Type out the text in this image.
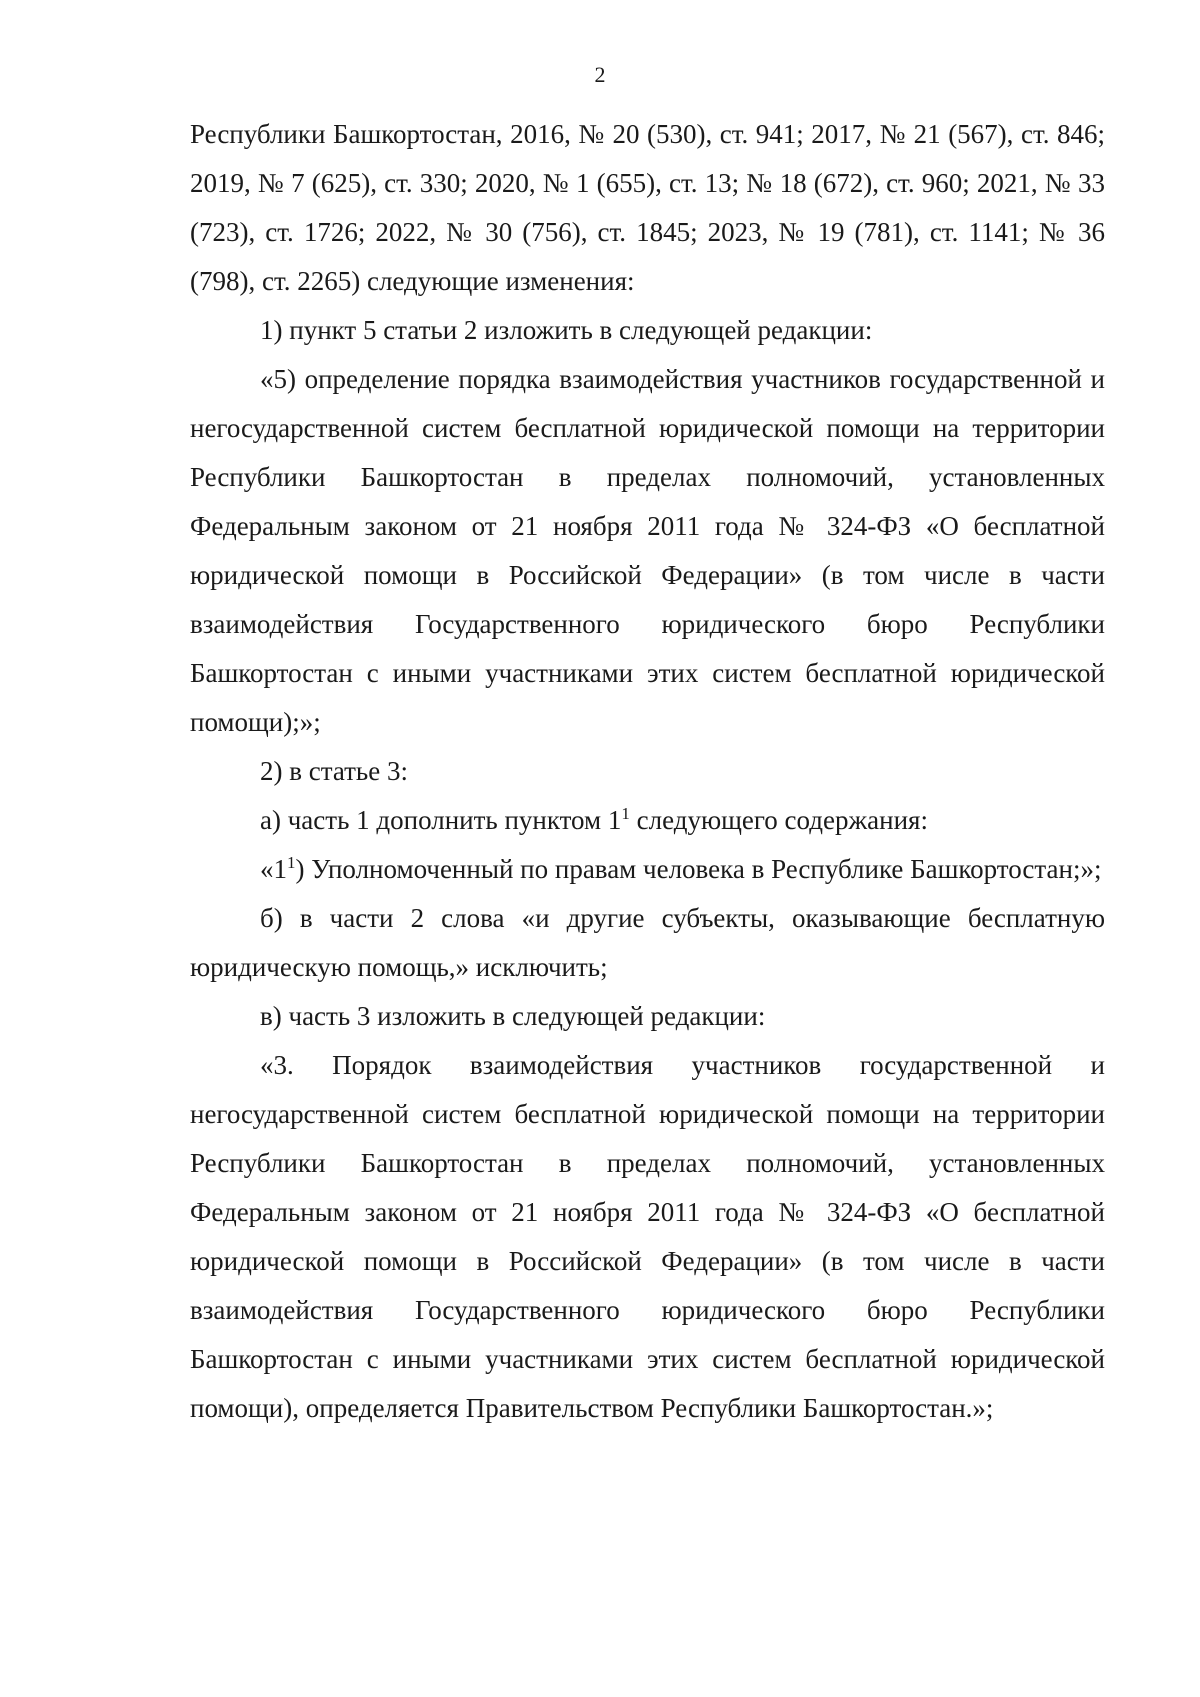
2

Республики Башкортостан, 2016, № 20 (530), ст. 941; 2017, № 21 (567), ст. 846; 2019, № 7 (625), ст. 330; 2020, № 1 (655), ст. 13; № 18 (672), ст. 960; 2021, № 33 (723), ст. 1726; 2022, № 30 (756), ст. 1845; 2023, № 19 (781), ст. 1141; № 36 (798), ст. 2265) следующие изменения:

1) пункт 5 статьи 2 изложить в следующей редакции:

«5) определение порядка взаимодействия участников государственной и негосударственной систем бесплатной юридической помощи на территории Республики Башкортостан в пределах полномочий, установленных Федеральным законом от 21 ноября 2011 года № 324-ФЗ «О бесплатной юридической помощи в Российской Федерации» (в том числе в части взаимодействия Государственного юридического бюро Республики Башкортостан с иными участниками этих систем бесплатной юридической помощи);»;

2) в статье 3:

а) часть 1 дополнить пунктом $1^1$ следующего содержания:

«$1^1$) Уполномоченный по правам человека в Республике Башкортостан;»;

б) в части 2 слова «и другие субъекты, оказывающие бесплатную юридическую помощь,» исключить;

в) часть 3 изложить в следующей редакции:

«3. Порядок взаимодействия участников государственной и негосударственной систем бесплатной юридической помощи на территории Республики Башкортостан в пределах полномочий, установленных Федеральным законом от 21 ноября 2011 года № 324-ФЗ «О бесплатной юридической помощи в Российской Федерации» (в том числе в части взаимодействия Государственного юридического бюро Республики Башкортостан с иными участниками этих систем бесплатной юридической помощи), определяется Правительством Республики Башкортостан.»;
